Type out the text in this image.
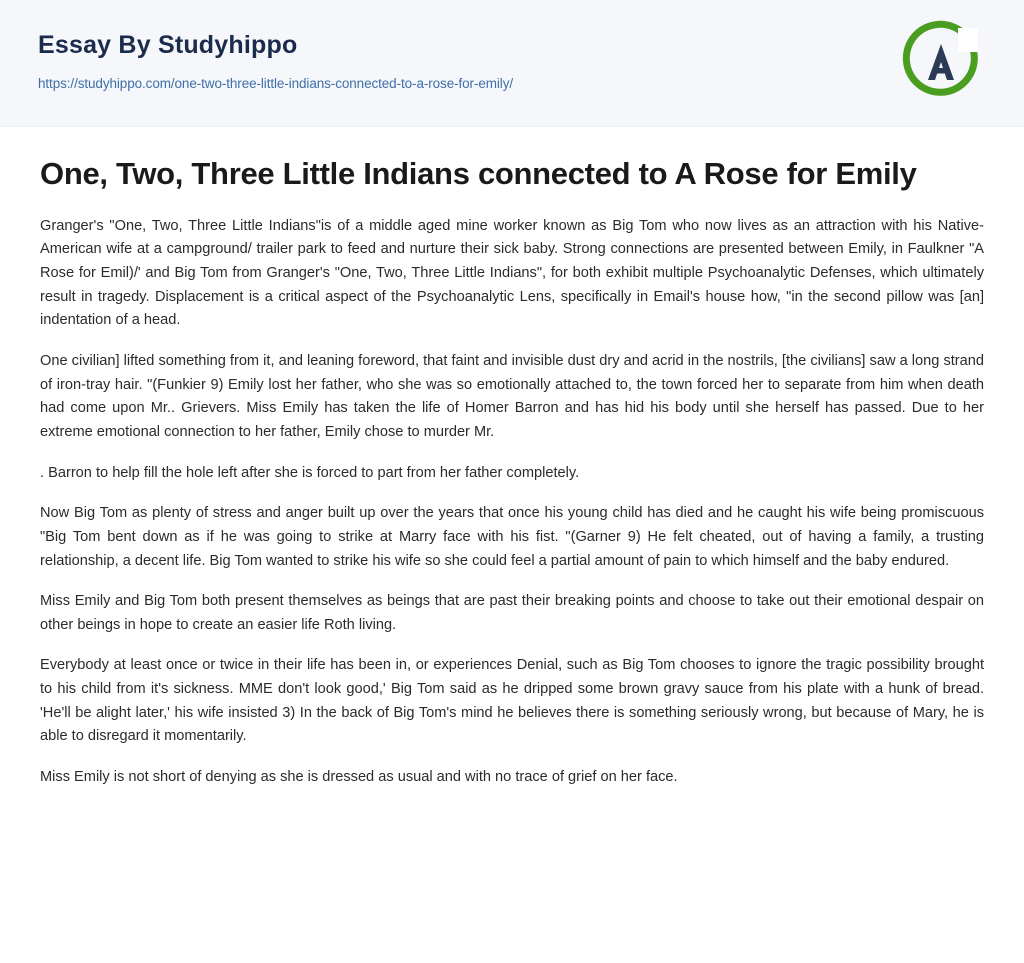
Essay By Studyhippo
https://studyhippo.com/one-two-three-little-indians-connected-to-a-rose-for-emily/
One, Two, Three Little Indians connected to A Rose for Emily

Granger's "One, Two, Three Little Indians"is of a middle aged mine worker known as Big Tom who now lives as an attraction with his Native- American wife at a campground/ trailer park to feed and nurture their sick baby. Strong connections are presented between Emily, in Faulkner "A Rose for Emil)/' and Big Tom from Granger's "One, Two, Three Little Indians", for both exhibit multiple Psychoanalytic Defenses, which ultimately result in tragedy. Displacement is a critical aspect of the Psychoanalytic Lens, specifically in Email's house how, "in the second pillow was [an] indentation of a head.

One civilian] lifted something from it, and leaning foreword, that faint and invisible dust dry and acrid in the nostrils, [the civilians] saw a long strand of iron-tray hair. "(Funkier 9) Emily lost her father, who she was so emotionally attached to, the town forced her to separate from him when death had come upon Mr.. Grievers. Miss Emily has taken the life of Homer Barron and has hid his body until she herself has passed. Due to her extreme emotional connection to her father, Emily chose to murder Mr.

. Barron to help fill the hole left after she is forced to part from her father completely.

Now Big Tom as plenty of stress and anger built up over the years that once his young child has died and he caught his wife being promiscuous "Big Tom bent down as if he was going to strike at Marry face with his fist. "(Garner 9) He felt cheated, out of having a family, a trusting relationship, a decent life. Big Tom wanted to strike his wife so she could feel a partial amount of pain to which himself and the baby endured.

Miss Emily and Big Tom both present themselves as beings that are past their breaking points and choose to take out their emotional despair on other beings in hope to create an easier life Roth living.

Everybody at least once or twice in their life has been in, or experiences Denial, such as Big Tom chooses to ignore the tragic possibility brought to his child from it's sickness. MME don't look good,' Big Tom said as he dripped some brown gravy sauce from his plate with a hunk of bread. 'He'll be alight later,' his wife insisted 3) In the back of Big Tom's mind he believes there is something seriously wrong, but because of Mary, he is able to disregard it momentarily.

Miss Emily is not short of denying as she is dressed as usual and with no trace of grief on her face.
